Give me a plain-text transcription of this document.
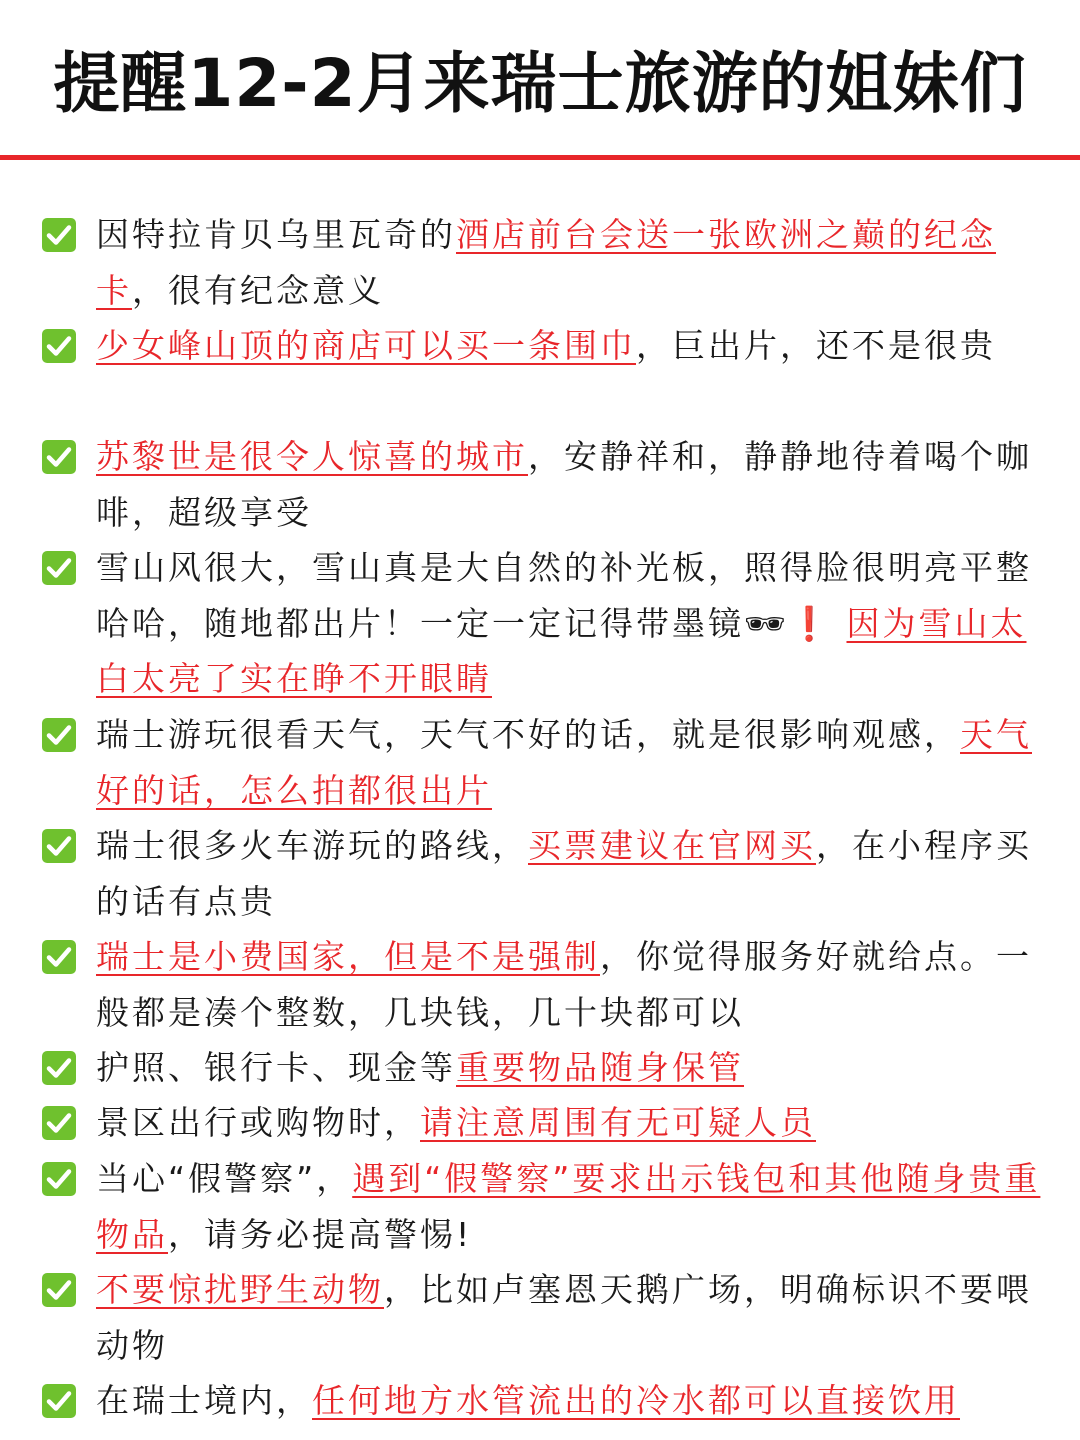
提醒12-2月来瑞士旅游的姐妹们
因特拉肯贝乌里瓦奇的酒店前台会送一张欧洲之巅的纪念卡，很有纪念意义
少女峰山顶的商店可以买一条围巾，巨出片，还不是很贵
苏黎世是很令人惊喜的城市，安静祥和，静静地待着喝个咖啡，超级享受
雪山风很大，雪山真是大自然的补光板，照得脸很明亮平整哈哈，随地都出片！一定一定记得带墨镜🕶❗ 因为雪山太白太亮了实在睁不开眼睛
瑞士游玩很看天气，天气不好的话，就是很影响观感，天气好的话，怎么拍都很出片
瑞士很多火车游玩的路线，买票建议在官网买，在小程序买的话有点贵
瑞士是小费国家，但是不是强制，你觉得服务好就给点。一般都是凑个整数，几块钱，几十块都可以
护照、银行卡、现金等重要物品随身保管
景区出行或购物时，请注意周围有无可疑人员
当心“假警察”，遇到“假警察”要求出示钱包和其他随身贵重物品，请务必提高警惕!
不要惊扰野生动物，比如卢塞恩天鹅广场，明确标识不要喂动物
在瑞士境内，任何地方水管流出的冷水都可以直接饮用
